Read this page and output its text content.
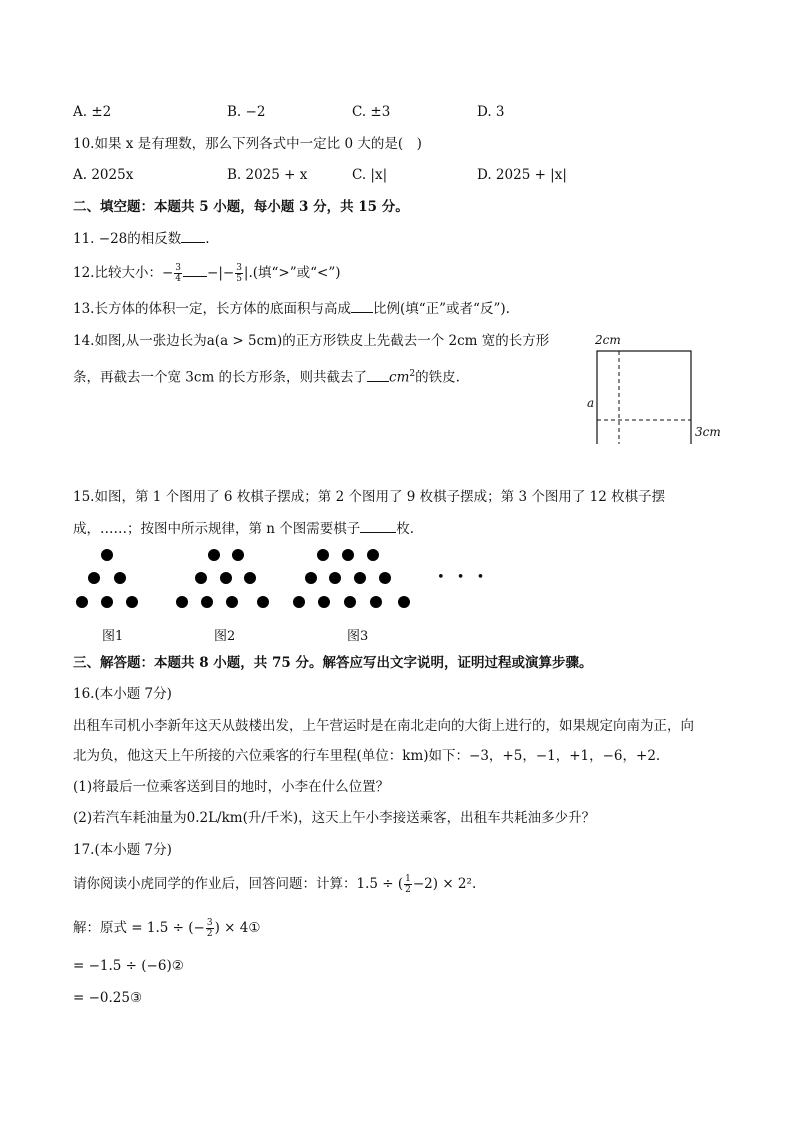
A. ±2	B. −2	C. ±3	D. 3
10.如果 x 是有理数，那么下列各式中一定比 0 大的是(　)
A. 2025x	B. 2025 + x	C. |x|	D. 2025 + |x|
二、填空题：本题共 5 小题，每小题 3 分，共 15 分。
11. −28的相反数 .
12.比较大小：− $\frac{3}{4}$ −|− $\frac{3}{5}$ |.(填“>”或“<”)
13.长方体的体积一定，长方体的底面积与高成 比例(填“正”或者“反”).
14.如图,从一张边长为a(a > 5cm)的正方形铁皮上先截去一个 2cm 宽的长方形
条，再截去一个宽 3cm 的长方形条，则共截去了 $cm^2$的铁皮.
2cm
a
3cm
15.如图，第 1 个图用了 6 枚棋子摆成；第 2 个图用了 9 枚棋子摆成；第 3 个图用了 12 枚棋子摆
成，……；按图中所示规律，第 n 个图需要棋子	枚.
• • •
图1	图2	图3
三、解答题：本题共 8 小题，共 75 分。解答应写出文字说明，证明过程或演算步骤。
16.(本小题 7分)
出租车司机小李新年这天从鼓楼出发，上午营运时是在南北走向的大街上进行的，如果规定向南为正，向
北为负，他这天上午所接的六位乘客的行车里程(单位：km)如下：−3，+5，−1，+1，−6，+2.
(1)将最后一位乘客送到目的地时，小李在什么位置？
(2)若汽车耗油量为0.2L/km(升/千米)，这天上午小李接送乘客，出租车共耗油多少升？
17.(本小题 7分)
请你阅读小虎同学的作业后，回答问题：计算：1.5 ÷ ( $\frac{1}{2} -2) \times 2^2$.
解：原式 = 1.5 ÷ (− $\frac{3}{2}$ ) × 4①
= −1.5 ÷ (−6)②
= −0.25③
